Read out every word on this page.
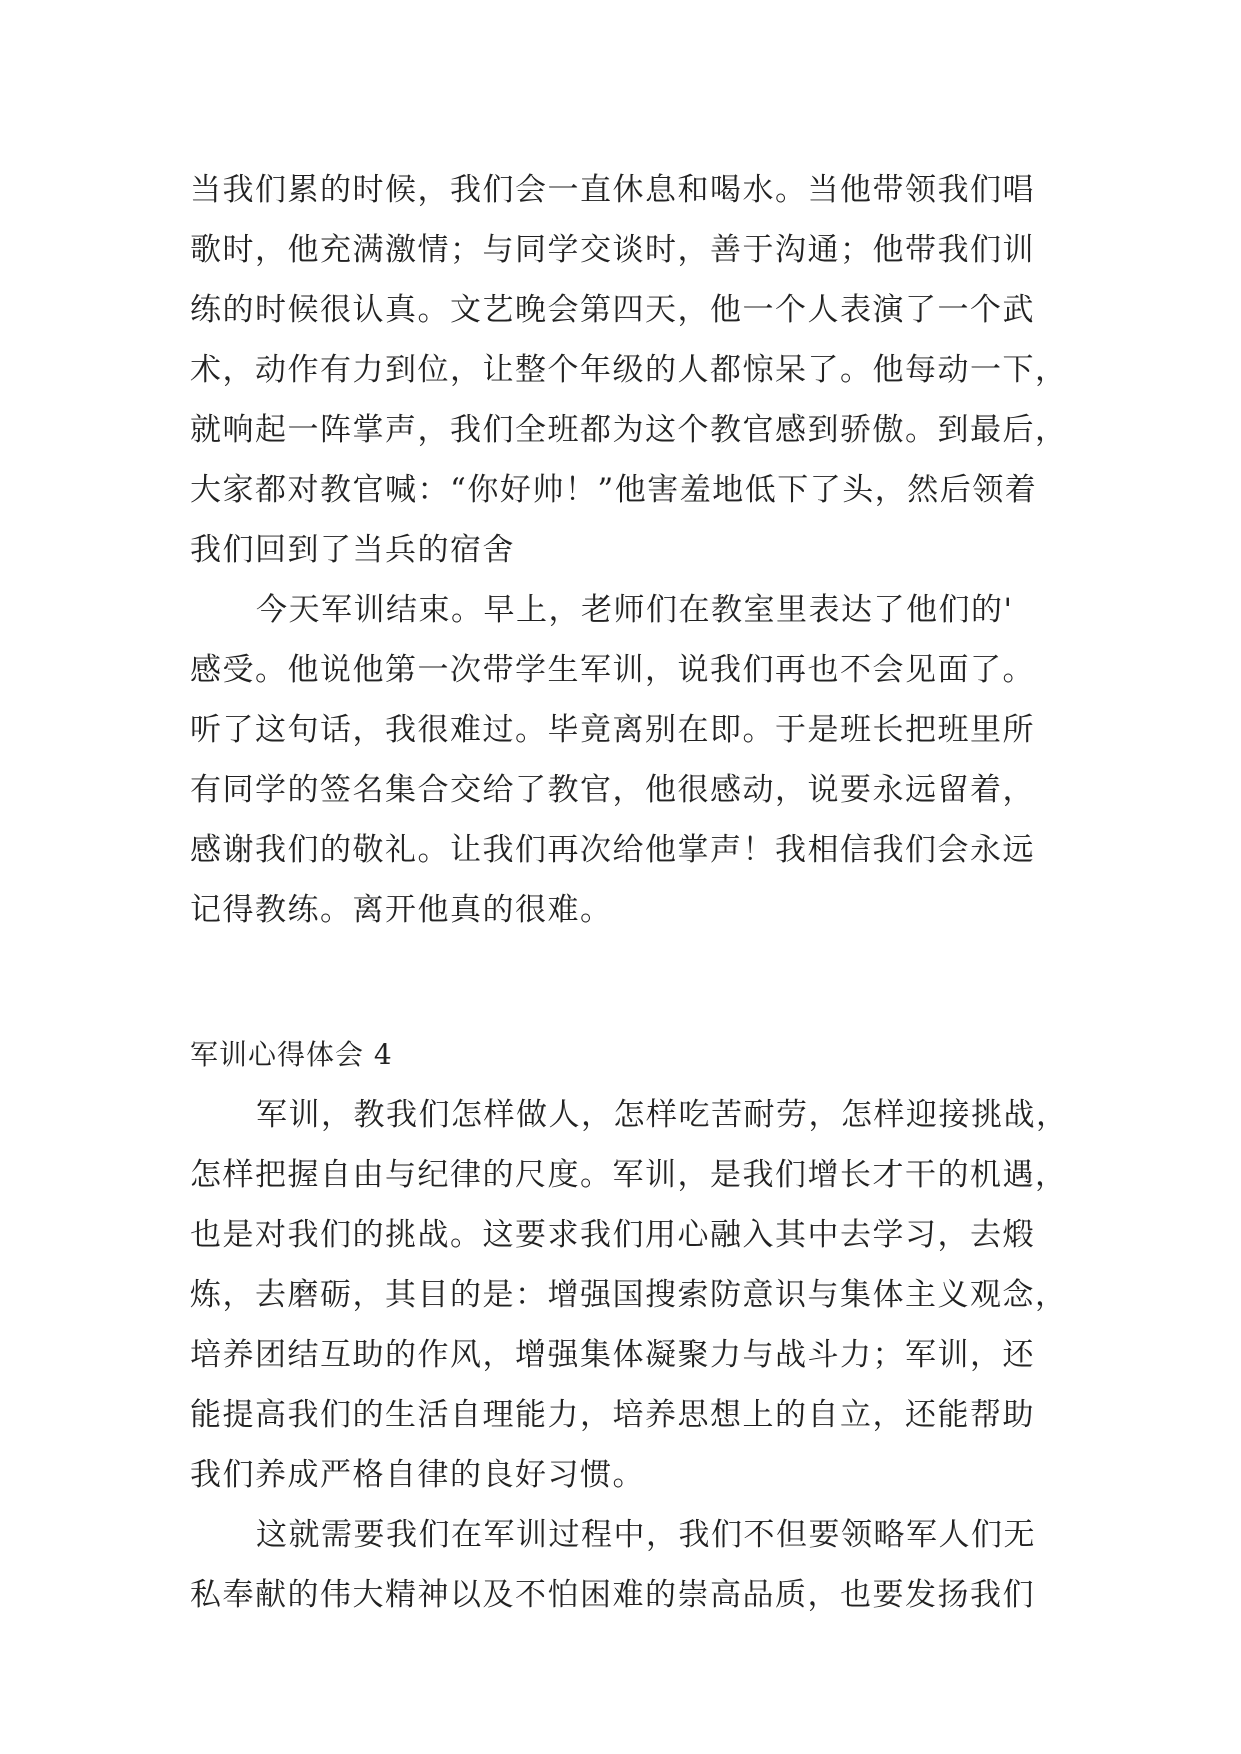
当我们累的时候，我们会一直休息和喝水。当他带领我们唱
歌时，他充满激情；与同学交谈时，善于沟通；他带我们训
练的时候很认真。文艺晚会第四天，他一个人表演了一个武
术，动作有力到位，让整个年级的人都惊呆了。他每动一下，
就响起一阵掌声，我们全班都为这个教官感到骄傲。到最后，
大家都对教官喊：“你好帅！”他害羞地低下了头，然后领着
我们回到了当兵的宿舍
今天军训结束。早上，老师们在教室里表达了他们的'
感受。他说他第一次带学生军训，说我们再也不会见面了。
听了这句话，我很难过。毕竟离别在即。于是班长把班里所
有同学的签名集合交给了教官，他很感动，说要永远留着，
感谢我们的敬礼。让我们再次给他掌声！我相信我们会永远
记得教练。离开他真的很难。
军训心得体会 4
军训，教我们怎样做人，怎样吃苦耐劳，怎样迎接挑战，
怎样把握自由与纪律的尺度。军训，是我们增长才干的机遇，
也是对我们的挑战。这要求我们用心融入其中去学习，去煅
炼，去磨砺，其目的是：增强国搜索防意识与集体主义观念，
培养团结互助的作风，增强集体凝聚力与战斗力；军训，还
能提高我们的生活自理能力，培养思想上的自立，还能帮助
我们养成严格自律的良好习惯。
这就需要我们在军训过程中，我们不但要领略军人们无
私奉献的伟大精神以及不怕困难的崇高品质，也要发扬我们
